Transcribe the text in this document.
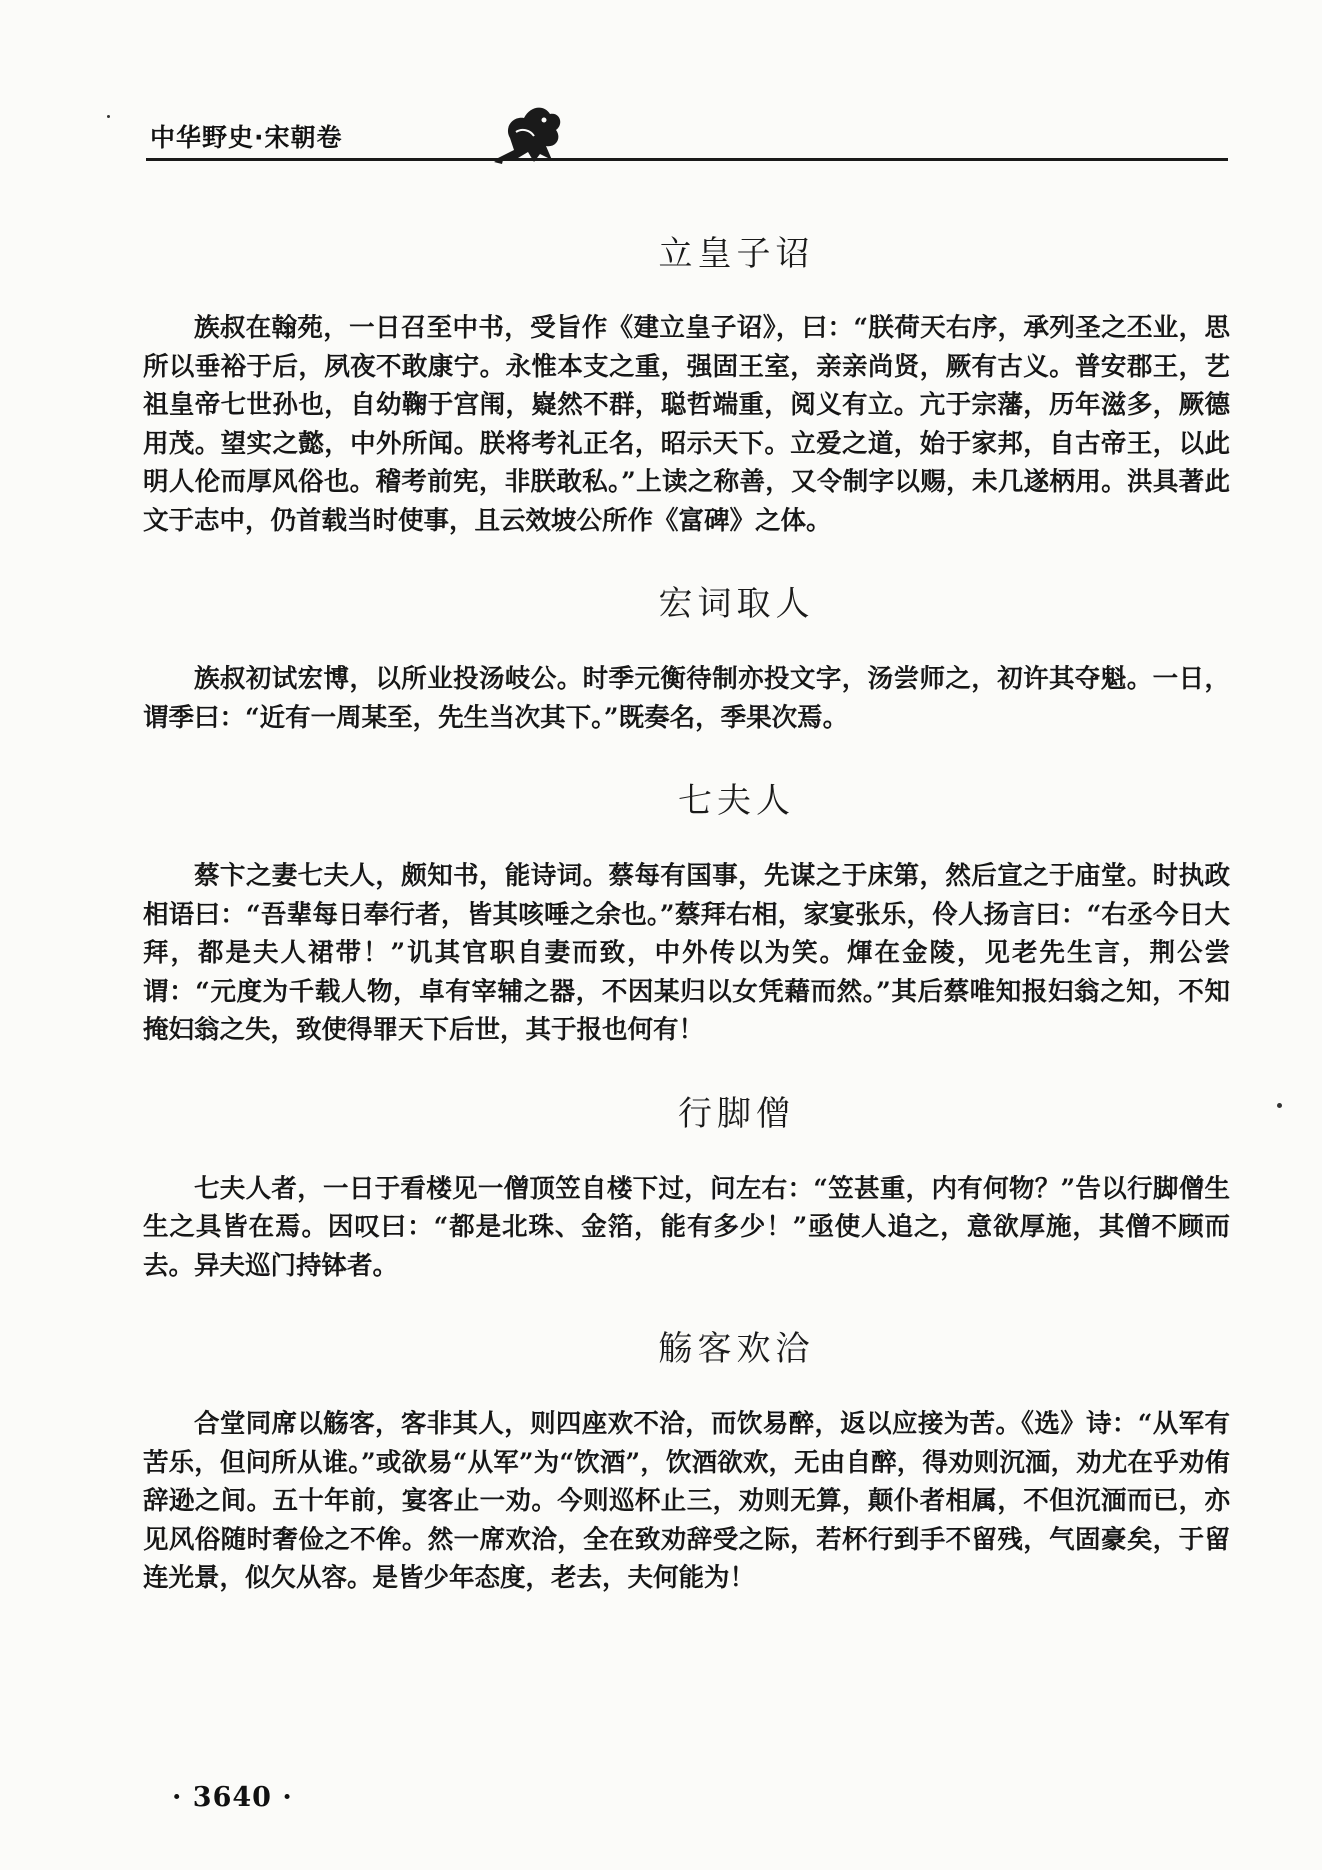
中华野史·宋朝卷
立皇子诏

族叔在翰苑，一日召至中书，受旨作《建立皇子诏》，曰：“朕荷天右序，承列圣之丕业，思所以垂裕于后，夙夜不敢康宁。永惟本支之重，强固王室，亲亲尚贤，厥有古义。普安郡王，艺祖皇帝七世孙也，自幼鞠于宫闱，嶷然不群，聪哲端重，阅义有立。亢于宗藩，历年滋多，厥德用茂。望实之懿，中外所闻。朕将考礼正名，昭示天下。立爱之道，始于家邦，自古帝王，以此明人伦而厚风俗也。稽考前宪，非朕敢私。”上读之称善，又令制字以赐，未几遂柄用。洪具著此文于志中，仍首载当时使事，且云效坡公所作《富碑》之体。

宏词取人

族叔初试宏博，以所业投汤岐公。时季元衡待制亦投文字，汤尝师之，初许其夺魁。一日，谓季曰：“近有一周某至，先生当次其下。”既奏名，季果次焉。

七夫人

蔡卞之妻七夫人，颇知书，能诗词。蔡每有国事，先谋之于床第，然后宣之于庙堂。时执政相语曰：“吾辈每日奉行者，皆其咳唾之余也。”蔡拜右相，家宴张乐，伶人扬言曰：“右丞今日大拜，都是夫人裙带！”讥其官职自妻而致，中外传以为笑。煇在金陵，见老先生言，荆公尝谓：“元度为千载人物，卓有宰辅之器，不因某归以女凭藉而然。”其后蔡唯知报妇翁之知，不知掩妇翁之失，致使得罪天下后世，其于报也何有！

行脚僧

七夫人者，一日于看楼见一僧顶笠自楼下过，问左右：“笠甚重，内有何物？”告以行脚僧生生之具皆在焉。因叹曰：“都是北珠、金箔，能有多少！”亟使人追之，意欲厚施，其僧不顾而去。异夫巡门持钵者。

觞客欢洽

合堂同席以觞客，客非其人，则四座欢不洽，而饮易醉，返以应接为苦。《选》诗：“从军有苦乐，但问所从谁。”或欲易“从军”为“饮酒”，饮酒欲欢，无由自醉，得劝则沉湎，劝尤在乎劝侑辞逊之间。五十年前，宴客止一劝。今则巡杯止三，劝则无算，颠仆者相属，不但沉湎而已，亦见风俗随时奢俭之不侔。然一席欢洽，全在致劝辞受之际，若杯行到手不留残，气固豪矣，于留连光景，似欠从容。是皆少年态度，老去，夫何能为！

· 3640 ·
